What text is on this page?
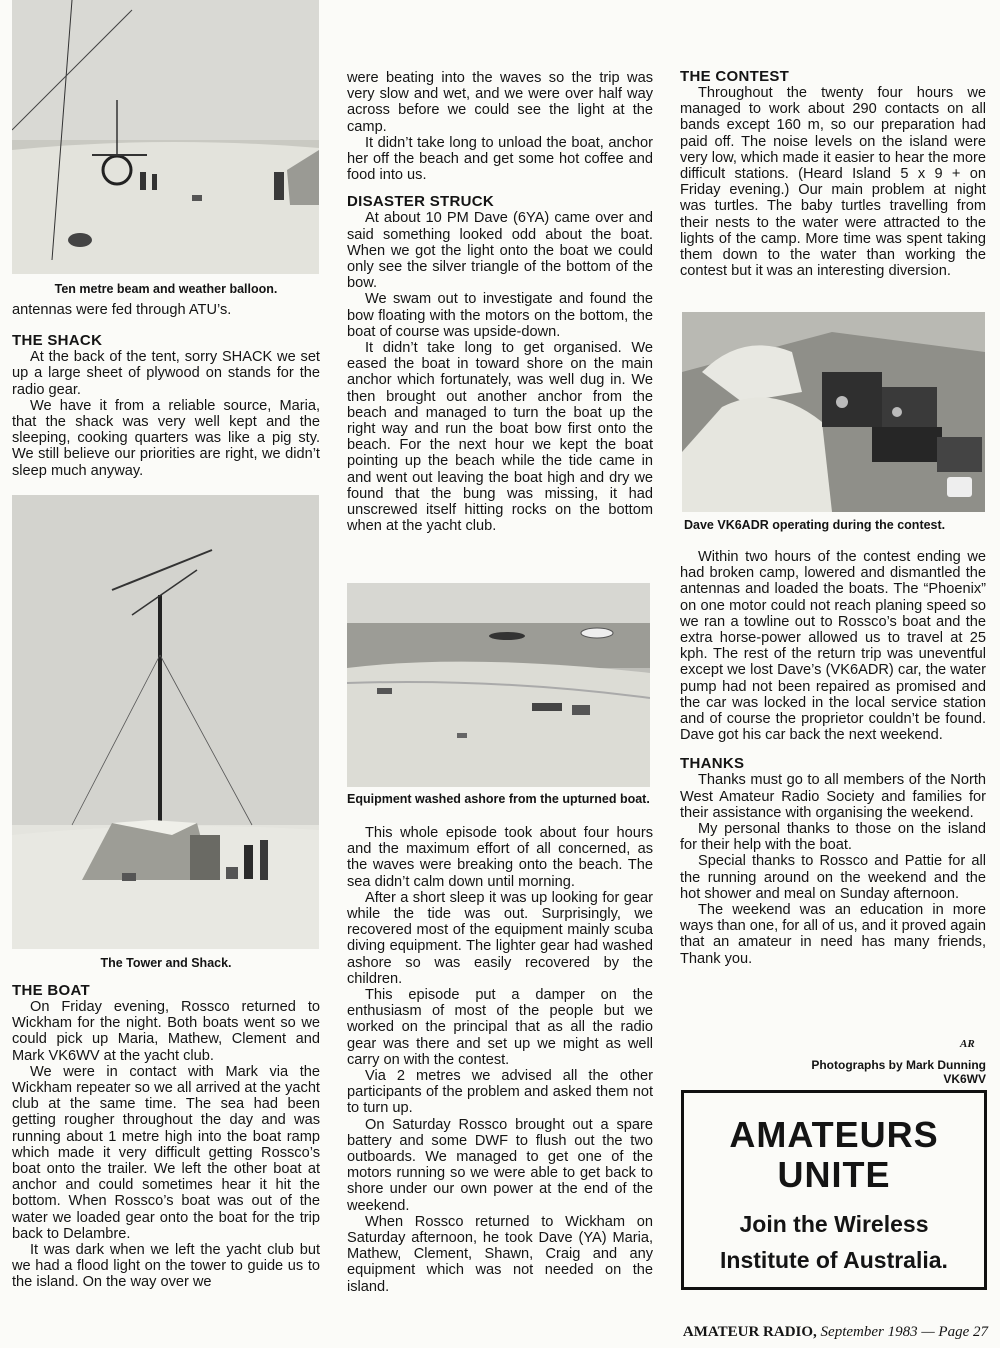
Ten metre beam and weather balloon.

antennas were fed through ATU’s.

THE SHACK

At the back of the tent, sorry SHACK we set up a large sheet of plywood on stands for the radio gear.

We have it from a reliable source, Maria, that the shack was very well kept and the sleeping, cooking quarters was like a pig sty. We still believe our priorities are right, we didn’t sleep much anyway.

The Tower and Shack.

THE BOAT

On Friday evening, Rossco returned to Wickham for the night. Both boats went so we could pick up Maria, Mathew, Clement and Mark VK6WV at the yacht club.

We were in contact with Mark via the Wickham repeater so we all arrived at the yacht club at the same time. The sea had been getting rougher throughout the day and was running about 1 metre high into the boat ramp which made it very difficult getting Rossco’s boat onto the trailer. We left the other boat at anchor and could sometimes hear it hit the bottom. When Rossco’s boat was out of the water we loaded gear onto the boat for the trip back to Delambre.

It was dark when we left the yacht club but we had a flood light on the tower to guide us to the island. On the way over we

were beating into the waves so the trip was very slow and wet, and we were over half way across before we could see the light at the camp.

It didn’t take long to unload the boat, anchor her off the beach and get some hot coffee and food into us.

DISASTER STRUCK

At about 10 PM Dave (6YA) came over and said something looked odd about the boat. When we got the light onto the boat we could only see the silver triangle of the bottom of the bow.

We swam out to investigate and found the bow floating with the motors on the bottom, the boat of course was upside-down.

It didn’t take long to get organised. We eased the boat in toward shore on the main anchor which fortunately, was well dug in. We then brought out another anchor from the beach and managed to turn the boat up the right way and run the boat bow first onto the beach. For the next hour we kept the boat pointing up the beach while the tide came in and went out leaving the boat high and dry we found that the bung was missing, it had unscrewed itself hitting rocks on the bottom when at the yacht club.

Equipment washed ashore from the upturned boat.

This whole episode took about four hours and the maximum effort of all concerned, as the waves were breaking onto the beach. The sea didn’t calm down until morning.

After a short sleep it was up looking for gear while the tide was out. Surprisingly, we recovered most of the equipment mainly scuba diving equipment. The lighter gear had washed ashore so was easily recovered by the children.

This episode put a damper on the enthusiasm of most of the people but we worked on the principal that as all the radio gear was there and set up we might as well carry on with the contest.

Via 2 metres we advised all the other participants of the problem and asked them not to turn up.

On Saturday Rossco brought out a spare battery and some DWF to flush out the two outboards. We managed to get one of the motors running so we were able to get back to shore under our own power at the end of the weekend.

When Rossco returned to Wickham on Saturday afternoon, he took Dave (YA) Maria, Mathew, Clement, Shawn, Craig and any equipment which was not needed on the island.

THE CONTEST

Throughout the twenty four hours we managed to work about 290 contacts on all bands except 160 m, so our preparation had paid off. The noise levels on the island were very low, which made it easier to hear the more difficult stations. (Heard Island 5 x 9 + on Friday evening.) Our main problem at night was turtles. The baby turtles travelling from their nests to the water were attracted to the lights of the camp. More time was spent taking them down to the water than working the contest but it was an interesting diversion.

Dave VK6ADR operating during the contest.

Within two hours of the contest ending we had broken camp, lowered and dismantled the antennas and loaded the boats. The “Phoenix” on one motor could not reach planing speed so we ran a towline out to Rossco’s boat and the extra horse-power allowed us to travel at 25 kph. The rest of the return trip was uneventful except we lost Dave’s (VK6ADR) car, the water pump had not been repaired as promised and the car was locked in the local service station and of course the proprietor couldn’t be found. Dave got his car back the next weekend.

THANKS

Thanks must go to all members of the North West Amateur Radio Society and families for their assistance with organising the weekend.

My personal thanks to those on the island for their help with the boat.

Special thanks to Rossco and Pattie for all the running around on the weekend and the hot shower and meal on Sunday afternoon.

The weekend was an education in more ways than one, for all of us, and it proved again that an amateur in need has many friends, Thank you.

AR
Photographs by Mark Dunning VK6WV
AMATEURS
UNITE
Join the Wireless
Institute of Australia.
AMATEUR RADIO, September 1983 — Page 27
